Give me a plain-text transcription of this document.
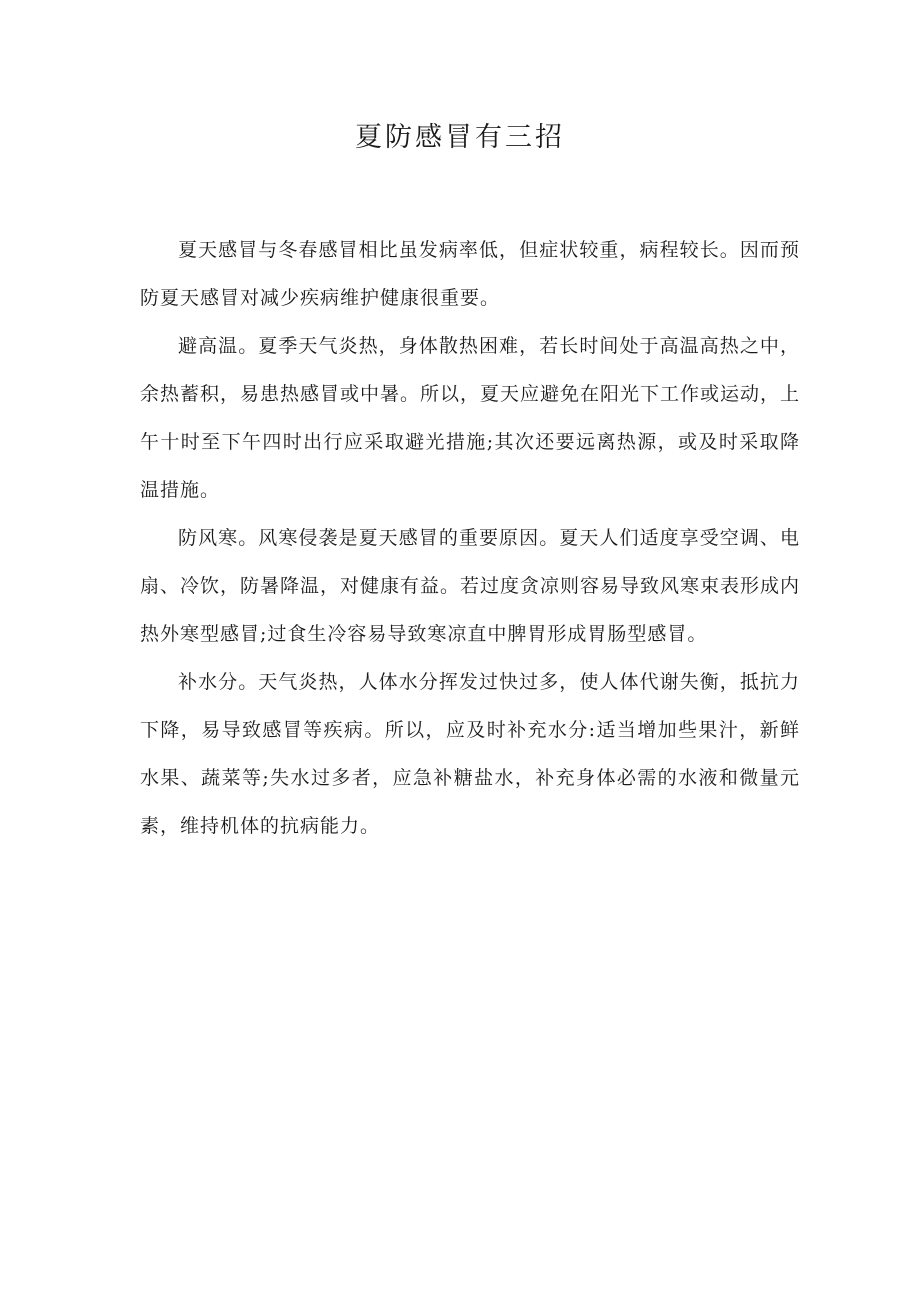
夏防感冒有三招

夏天感冒与冬春感冒相比虽发病率低，但症状较重，病程较长。因而预防夏天感冒对减少疾病维护健康很重要。

避高温。夏季天气炎热，身体散热困难，若长时间处于高温高热之中，余热蓄积，易患热感冒或中暑。所以，夏天应避免在阳光下工作或运动，上午十时至下午四时出行应采取避光措施;其次还要远离热源，或及时采取降温措施。

防风寒。风寒侵袭是夏天感冒的重要原因。夏天人们适度享受空调、电扇、冷饮，防暑降温，对健康有益。若过度贪凉则容易导致风寒束表形成内热外寒型感冒;过食生冷容易导致寒凉直中脾胃形成胃肠型感冒。

补水分。天气炎热，人体水分挥发过快过多，使人体代谢失衡，抵抗力下降，易导致感冒等疾病。所以，应及时补充水分:适当增加些果汁，新鲜水果、蔬菜等;失水过多者，应急补糖盐水，补充身体必需的水液和微量元素，维持机体的抗病能力。
